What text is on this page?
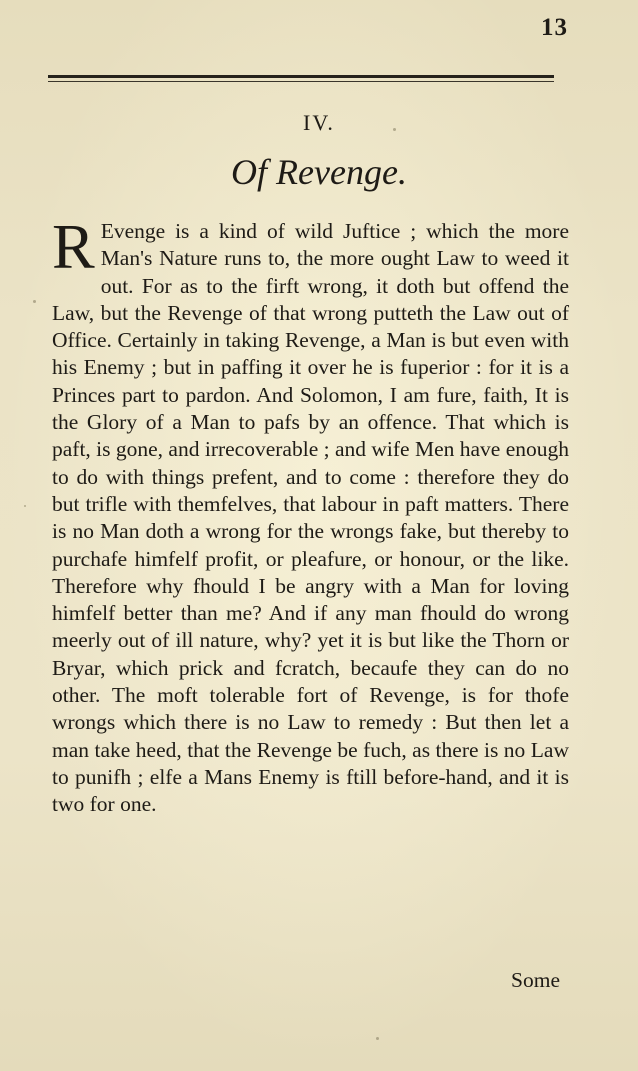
13
IV.
Of Revenge.
R Evenge is a kind of wild Juftice ; which the more Man's Nature runs to, the more ought Law to weed it out. For as to the firft wrong, it doth but offend the Law, but the Revenge of that wrong putteth the Law out of Office. Certainly in taking Revenge, a Man is but even with his Enemy ; but in paffing it over he is fuperior : for it is a Princes part to pardon. And Solomon, I am fure, faith, It is the Glory of a Man to pafs by an offence. That which is paft, is gone, and irrecoverable ; and wife Men have enough to do with things prefent, and to come : therefore they do but trifle with themfelves, that labour in paft matters. There is no Man doth a wrong for the wrongs fake, but thereby to purchafe himfelf profit, or pleafure, or honour, or the like. Therefore why fhould I be angry with a Man for loving himfelf better than me? And if any man fhould do wrong meerly out of ill nature, why? yet it is but like the Thorn or Bryar, which prick and fcratch, becaufe they can do no other. The moft tolerable fort of Revenge, is for thofe wrongs which there is no Law to remedy : But then let a man take heed, that the Revenge be fuch, as there is no Law to punifh ; elfe a Mans Enemy is ftill before-hand, and it is two for one.

Some
